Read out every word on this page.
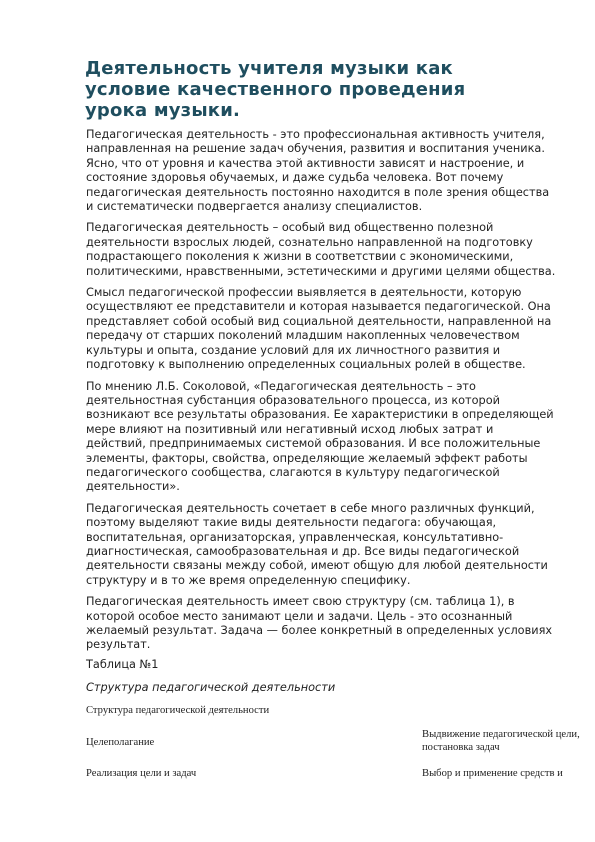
Деятельность учителя музыки как условие качественного проведения урока музыки.

Педагогическая деятельность - это профессиональная активность учителя, направленная на решение задач обучения, развития и воспитания ученика. Ясно, что от уровня и качества этой активности зависят и настроение, и состояние здоровья обучаемых, и даже судьба человека. Вот почему педагогическая деятельность постоянно находится в поле зрения общества и систематически подвергается анализу специалистов.

Педагогическая деятельность – особый вид общественно полезной деятельности взрослых людей, сознательно направленной на подготовку подрастающего поколения к жизни в соответствии с экономическими, политическими, нравственными, эстетическими и другими целями общества.

Смысл педагогической профессии выявляется в деятельности, которую осуществляют ее представители и которая называется педагогической. Она представляет собой особый вид социальной деятельности, направленной на передачу от старших поколений младшим накопленных человечеством культуры и опыта, создание условий для их личностного развития и подготовку к выполнению определенных социальных ролей в обществе.

По мнению Л.Б. Соколовой, «Педагогическая деятельность – это деятельностная субстанция образовательного процесса, из которой возникают все результаты образования. Ее характеристики в определяющей мере влияют на позитивный или негативный исход любых затрат и действий, предпринимаемых системой образования. И все положительные элементы, факторы, свойства, определяющие желаемый эффект работы педагогического сообщества, слагаются в культуру педагогической деятельности».

Педагогическая деятельность сочетает в себе много различных функций, поэтому выделяют такие виды деятельности педагога: обучающая, воспитательная, организаторская, управленческая, консультативно-диагностическая, самообразовательная и др. Все виды педагогической деятельности связаны между собой, имеют общую для любой деятельности структуру и в то же время определенную специфику.

Педагогическая деятельность имеет свою структуру (см. таблица 1), в которой особое место занимают цели и задачи. Цель - это осознанный желаемый результат. Задача — более конкретный в определенных условиях результат.

Таблица №1
Структура педагогической деятельности
Структура педагогической деятельности
Целеполагание
Выдвижение педагогической цели,
постановка задач
Реализация цели и задач	Выбор и применение средств и
